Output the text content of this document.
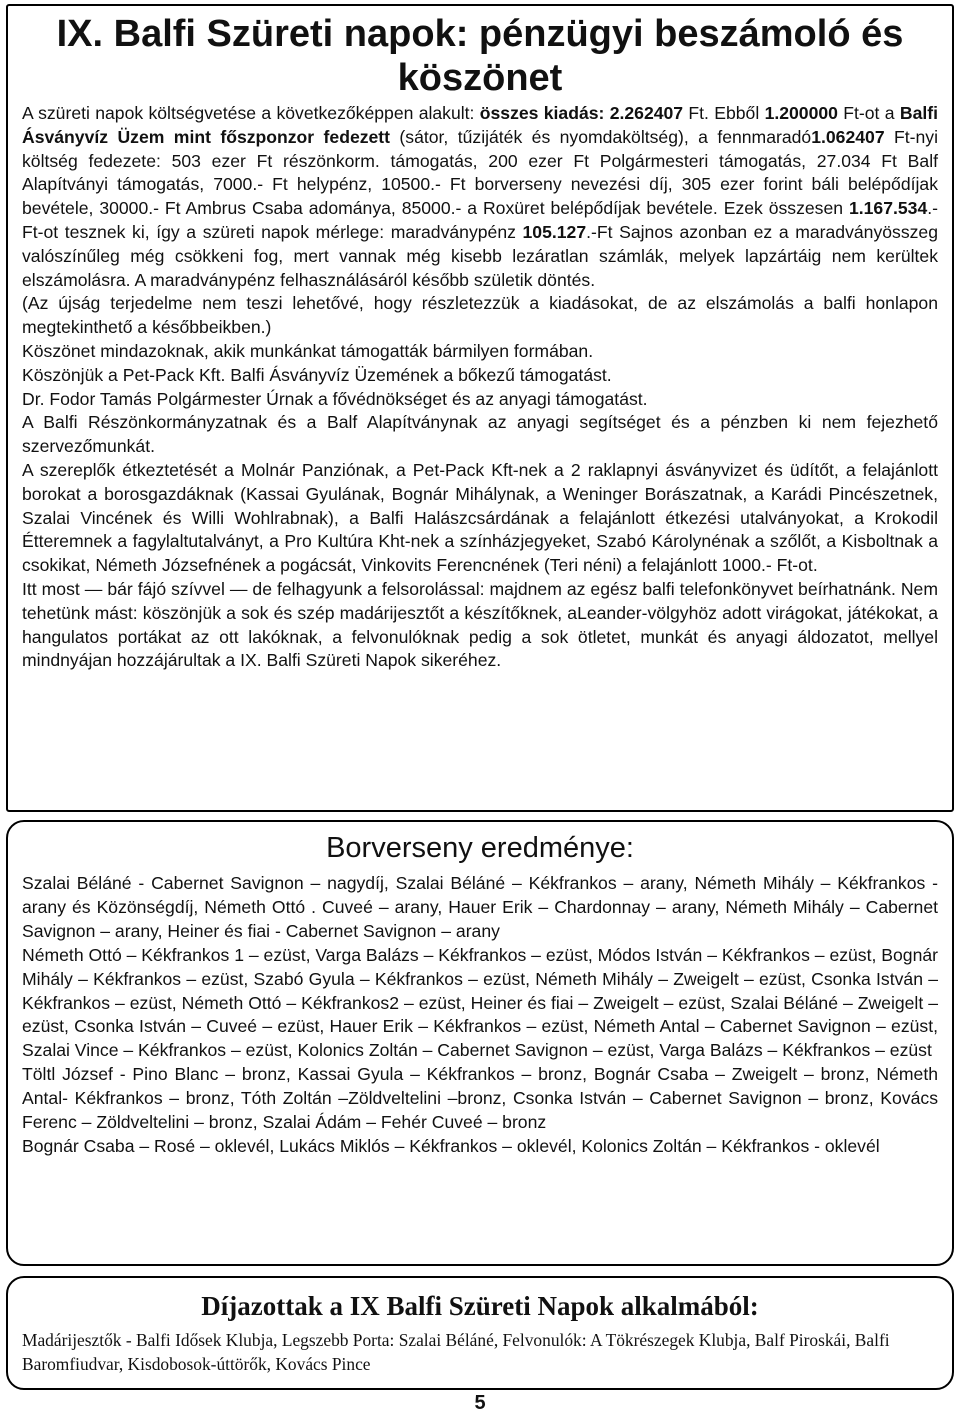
IX. Balfi Szüreti napok: pénzügyi beszámoló és
köszönet

A szüreti napok költségvetése a következőképpen alakult: összes kiadás: 2.262407 Ft. Ebből 1.200000 Ft-ot a Balfi Ásványvíz Üzem mint főszponzor fedezett (sátor, tűzijáték és nyomdaköltség), a fennmaradó1.062407 Ft-nyi költség fedezete: 503 ezer Ft részönkorm. támogatás, 200 ezer Ft Polgármesteri támogatás, 27.034 Ft Balf Alapítványi támogatás, 7000.- Ft helypénz, 10500.- Ft borverseny nevezési díj, 305 ezer forint báli belépődíjak bevétele, 30000.- Ft Ambrus Csaba adománya, 85000.- a Roxüret belépődíjak bevétele. Ezek összesen 1.167.534.- Ft-ot tesznek ki, így a szüreti napok mérlege: maradványpénz 105.127.-Ft Sajnos azonban ez a maradványösszeg valószínűleg még csökkeni fog, mert vannak még kisebb lezáratlan számlák, melyek lapzártáig nem kerültek elszámolásra. A maradványpénz felhasználásáról később születik döntés.

(Az újság terjedelme nem teszi lehetővé, hogy részletezzük a kiadásokat, de az elszámolás a balfi honlapon megtekinthető a későbbeikben.)

Köszönet mindazoknak, akik munkánkat támogatták bármilyen formában.

Köszönjük a Pet-Pack Kft. Balfi Ásványvíz Üzemének a bőkezű támogatást.

Dr. Fodor Tamás Polgármester Úrnak a fővédnökséget és az anyagi támogatást.

A Balfi Részönkormányzatnak és a Balf Alapítványnak az anyagi segítséget és a pénzben ki nem fejezhető szervezőmunkát.

A szereplők étkeztetését a Molnár Panziónak, a Pet-Pack Kft-nek a 2 raklapnyi ásványvizet és üdítőt, a felajánlott borokat a borosgazdáknak (Kassai Gyulának, Bognár Mihálynak, a Weninger Borászatnak, a Karádi Pincészetnek, Szalai Vincének és Willi Wohlrabnak), a Balfi Halászcsárdának a felajánlott étkezési utalványokat, a Krokodil Étteremnek a fagylaltutalványt, a Pro Kultúra Kht-nek a színházjegyeket, Szabó Károlynénak a szőlőt, a Kisboltnak a csokikat, Németh Józsefnének a pogácsát, Vinkovits Ferencnének (Teri néni) a felajánlott 1000.- Ft-ot.

Itt most — bár fájó szívvel — de felhagyunk a felsorolással: majdnem az egész balfi telefonkönyvet beírhatnánk. Nem tehetünk mást: köszönjük a sok és szép madárijesztőt a készítőknek, aLeander-völgyhöz adott virágokat, játékokat, a hangulatos portákat az ott lakóknak, a felvonulóknak pedig a sok ötletet, munkát és anyagi áldozatot, mellyel mindnyájan hozzájárultak a IX. Balfi Szüreti Napok sikeréhez.

Borverseny eredménye:

Szalai Béláné - Cabernet Savignon – nagydíj, Szalai Béláné – Kékfrankos – arany, Németh Mihály – Kékfrankos - arany és Közönségdíj, Németh Ottó . Cuveé – arany, Hauer Erik – Chardonnay – arany, Németh Mihály – Cabernet Savignon – arany, Heiner és fiai - Cabernet Savignon – arany

Németh Ottó – Kékfrankos 1 – ezüst, Varga Balázs – Kékfrankos – ezüst, Módos István – Kékfrankos – ezüst, Bognár Mihály – Kékfrankos – ezüst, Szabó Gyula – Kékfrankos – ezüst, Németh Mihály – Zweigelt – ezüst, Csonka István – Kékfrankos – ezüst, Németh Ottó – Kékfrankos2 – ezüst, Heiner és fiai – Zweigelt – ezüst, Szalai Béláné – Zweigelt – ezüst, Csonka István – Cuveé – ezüst, Hauer Erik – Kékfrankos – ezüst, Németh Antal – Cabernet Savignon – ezüst, Szalai Vince – Kékfrankos – ezüst, Kolonics Zoltán – Cabernet Savignon – ezüst, Varga Balázs – Kékfrankos – ezüst

Töltl József - Pino Blanc – bronz, Kassai Gyula – Kékfrankos – bronz, Bognár Csaba – Zweigelt – bronz, Németh Antal- Kékfrankos – bronz, Tóth Zoltán –Zöldveltelini –bronz, Csonka István – Cabernet Savignon – bronz, Kovács Ferenc – Zöldveltelini – bronz, Szalai Ádám – Fehér Cuveé – bronz

Bognár Csaba – Rosé – oklevél, Lukács Miklós – Kékfrankos – oklevél, Kolonics Zoltán – Kékfrankos - oklevél

Díjazottak a IX Balfi Szüreti Napok alkalmából:
Madárijesztők - Balfi Idősek Klubja, Legszebb Porta: Szalai Béláné, Felvonulók: A Tökrészegek Klubja, Balf Piroskái, Balfi Baromfiudvar, Kisdobosok-úttörők, Kovács Pince
5
